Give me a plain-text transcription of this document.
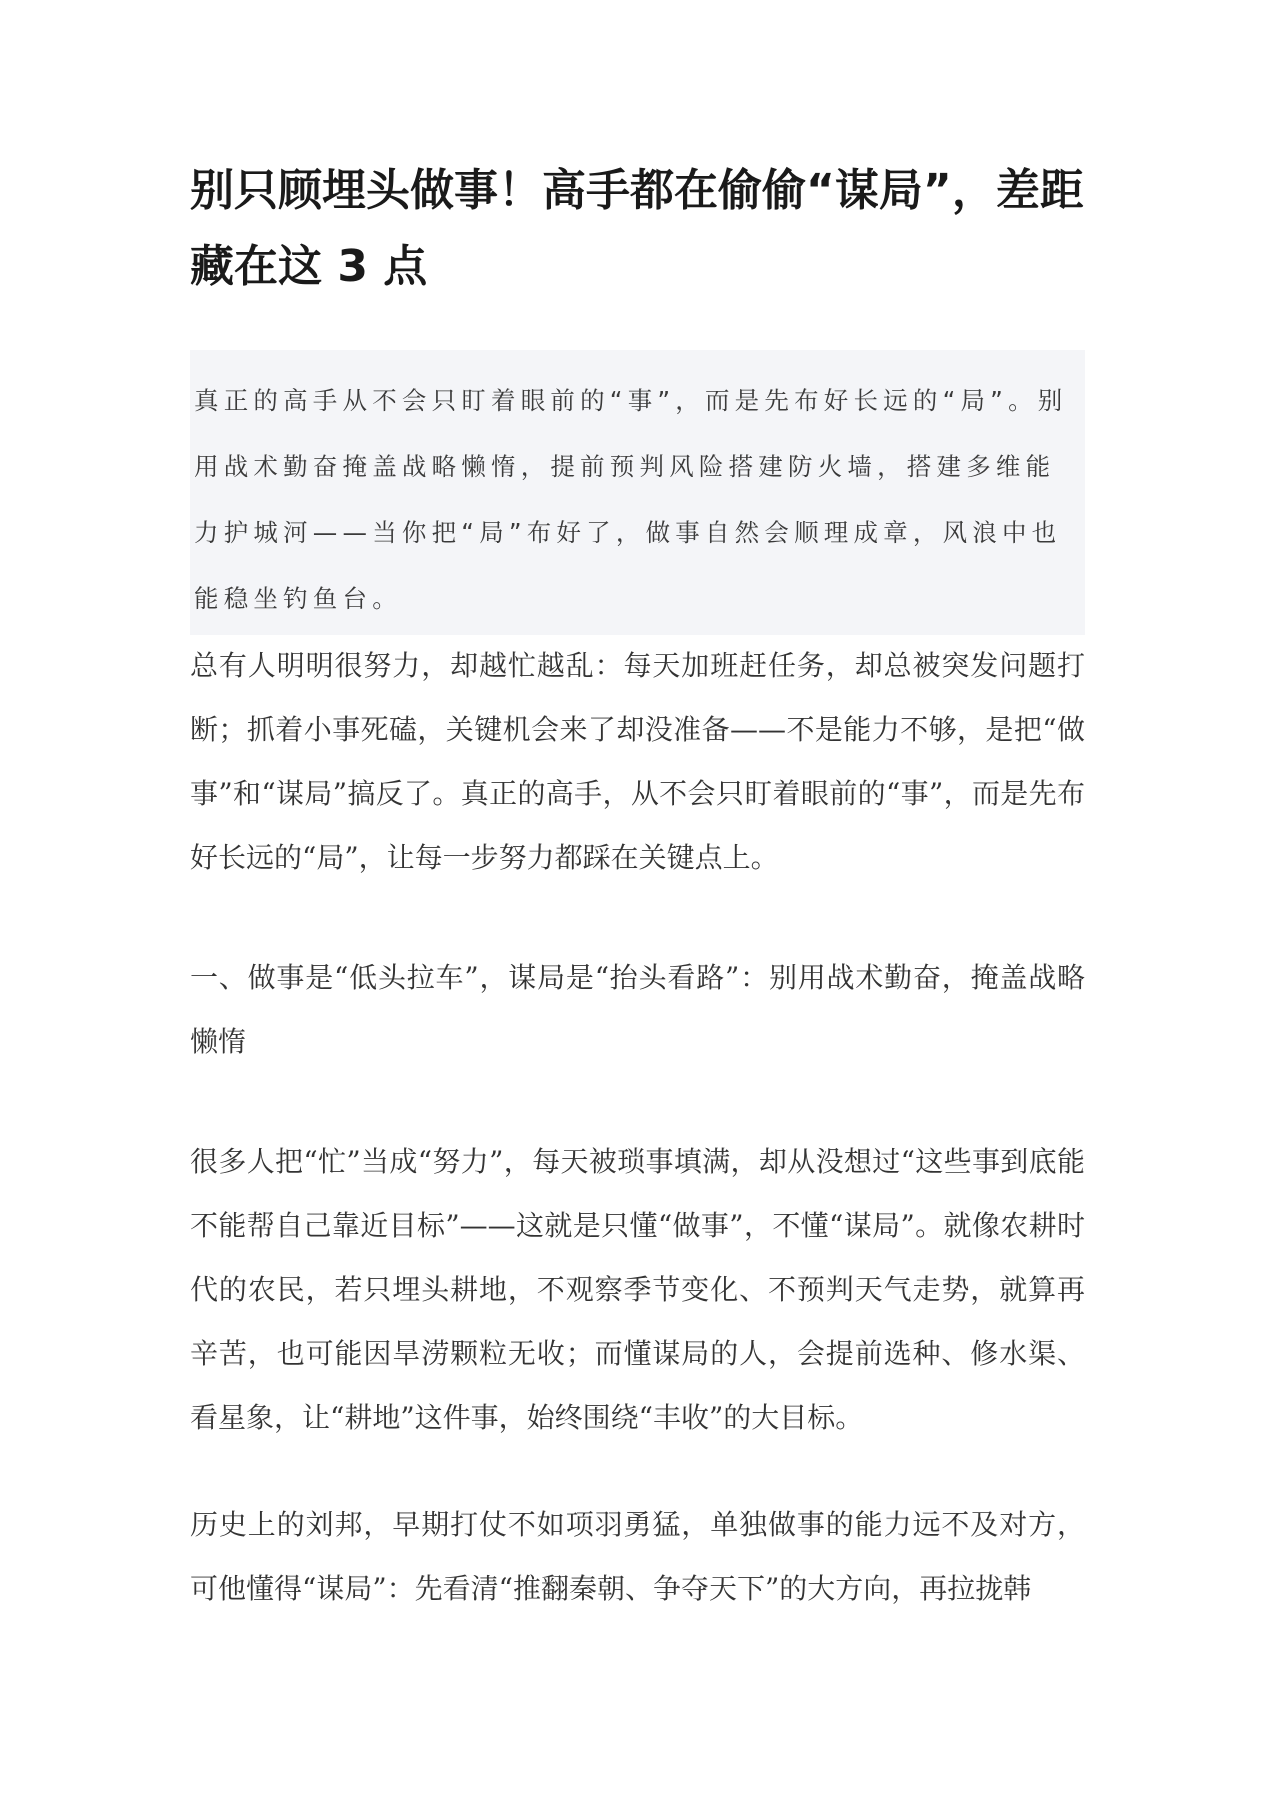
别只顾埋头做事！高手都在偷偷“谋局”，差距藏在这 3 点

真正的高手从不会只盯着眼前的“事”，而是先布好长远的“局”。别用战术勤奋掩盖战略懒惰，提前预判风险搭建防火墙，搭建多维能力护城河——当你把“局”布好了，做事自然会顺理成章，风浪中也能稳坐钓鱼台。

总有人明明很努力，却越忙越乱：每天加班赶任务，却总被突发问题打断；抓着小事死磕，关键机会来了却没准备——不是能力不够，是把“做事”和“谋局”搞反了。真正的高手，从不会只盯着眼前的“事”，而是先布好长远的“局”，让每一步努力都踩在关键点上。

一、做事是“低头拉车”，谋局是“抬头看路”：别用战术勤奋，掩盖战略懒惰

很多人把“忙”当成“努力”，每天被琐事填满，却从没想过“这些事到底能不能帮自己靠近目标”——这就是只懂“做事”，不懂“谋局”。就像农耕时代的农民，若只埋头耕地，不观察季节变化、不预判天气走势，就算再辛苦，也可能因旱涝颗粒无收；而懂谋局的人，会提前选种、修水渠、看星象，让“耕地”这件事，始终围绕“丰收”的大目标。

历史上的刘邦，早期打仗不如项羽勇猛，单独做事的能力远不及对方，可他懂得“谋局”：先看清“推翻秦朝、争夺天下”的大方向，再拉拢韩
